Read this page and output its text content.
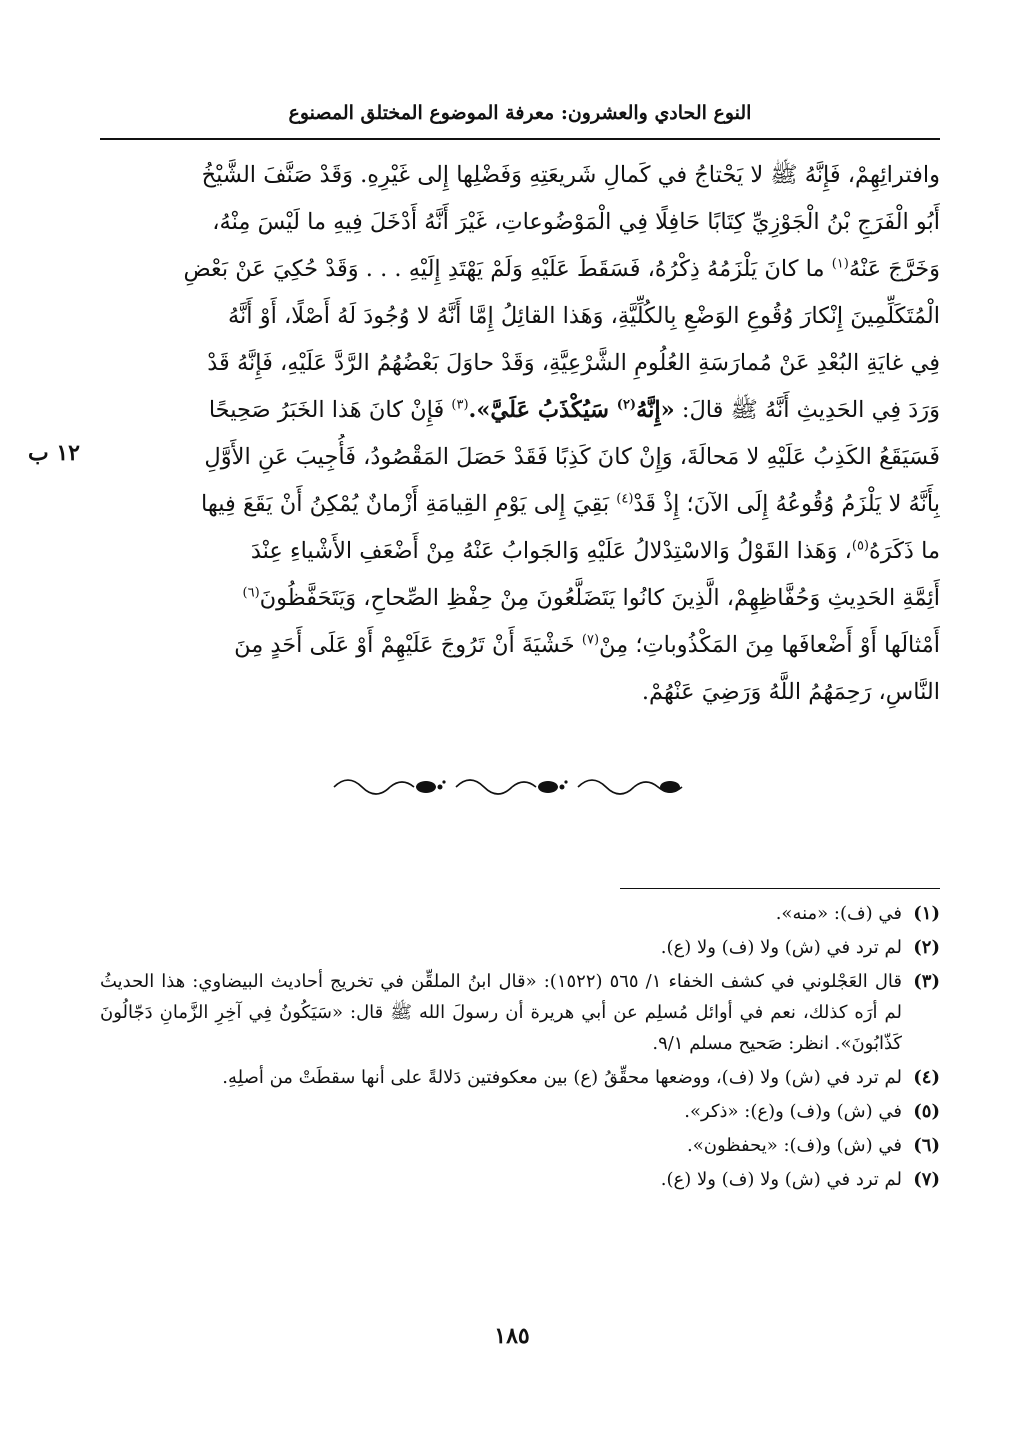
النوع الحادي والعشرون: معرفة الموضوع المختلق المصنوع
١٢ ب
وافترائِهِمْ، فَإِنَّهُ ﷺ لا يَحْتاجُ في كَمالِ شَريعَتِهِ وَفَضْلِها إِلى غَيْرِهِ. وَقَدْ صَنَّفَ الشَّيْخُ
أَبُو الْفَرَجِ بْنُ الْجَوْزِيِّ كِتَابًا حَافِلًا فِي الْمَوْضُوعاتِ، غَيْرَ أَنَّهُ أَدْخَلَ فِيهِ ما لَيْسَ مِنْهُ،
وَخَرَّجَ عَنْهُ$^{(١)}$ ما كانَ يَلْزَمُهُ ذِكْرُهُ، فَسَقَطَ عَلَيْهِ وَلَمْ يَهْتَدِ إِلَيْهِ . . . وَقَدْ حُكِيَ عَنْ بَعْضِ
الْمُتَكَلِّمِينَ إِنْكارَ وُقُوعِ الوَضْعِ بِالكُلِّيَّةِ، وَهَذا القائِلُ إِمَّا أَنَّهُ لا وُجُودَ لَهُ أَصْلًا، أَوْ أَنَّهُ
فِي غايَةِ البُعْدِ عَنْ مُمارَسَةِ العُلُومِ الشَّرْعِيَّةِ، وَقَدْ حاوَلَ بَعْضُهُمُ الرَّدَّ عَلَيْهِ، فَإِنَّهُ قَدْ
وَرَدَ فِي الحَدِيثِ أَنَّهُ ﷺ قالَ: «إِنَّهُ$^{(٢)}$ سَيُكْذَبُ عَلَيَّ».$^{(٣)}$ فَإِنْ كانَ هَذا الخَبَرُ صَحِيحًا
فَسَيَقَعُ الكَذِبُ عَلَيْهِ لا مَحالَةَ، وَإِنْ كانَ كَذِبًا فَقَدْ حَصَلَ المَقْصُودُ، فَأُجِيبَ عَنِ الأَوَّلِ
بِأَنَّهُ لا يَلْزَمُ وُقُوعُهُ إِلَى الآنَ؛ إِذْ قَدْ$^{(٤)}$ بَقِيَ إِلى يَوْمِ القِيامَةِ أَزْمانٌ يُمْكِنُ أَنْ يَقَعَ فِيها
ما ذَكَرَهُ$^{(٥)}$، وَهَذا القَوْلُ وَالاسْتِدْلالُ عَلَيْهِ وَالجَوابُ عَنْهُ مِنْ أَضْعَفِ الأَشْياءِ عِنْدَ
أَئِمَّةِ الحَدِيثِ وَحُفَّاظِهِمْ، الَّذِينَ كانُوا يَتَضَلَّعُونَ مِنْ حِفْظِ الصِّحاحِ، وَيَتَحَفَّظُونَ$^{(٦)}$
أَمْثالَها أَوْ أَضْعافَها مِنَ المَكْذُوباتِ؛ مِنْ$^{(٧)}$ خَشْيَةَ أَنْ تَرُوجَ عَلَيْهِمْ أَوْ عَلَى أَحَدٍ مِنَ
النَّاسِ، رَحِمَهُمُ اللَّهُ وَرَضِيَ عَنْهُمْ.
(١)
في (ف): «منه».
(٢)
لم ترد في (ش) ولا (ف) ولا (ع).
(٣)
قال العَجْلوني في كشف الخفاء ١/ ٥٦٥ (١٥٢٢): «قال ابنُ الملقِّن في تخريج أحاديث البيضاوي: هذا الحديثُ لم أرَه كذلك، نعم في أوائل مُسلِم عن أبي هريرة أن رسولَ الله ﷺ قال: «سَيَكُونُ فِي آخِرِ الزَّمانِ دَجّالُونَ كَذّابُونَ». انظر: صَحيح مسلم ٩/١.
(٤)
لم ترد في (ش) ولا (ف)، ووضعها محقِّقُ (ع) بين معكوفتين دَلالةً على أنها سقطَتْ من أصلِهِ.
(٥)
في (ش) و(ف) و(ع): «ذكر».
(٦)
في (ش) و(ف): «يحفظون».
(٧)
لم ترد في (ش) ولا (ف) ولا (ع).
١٨٥
